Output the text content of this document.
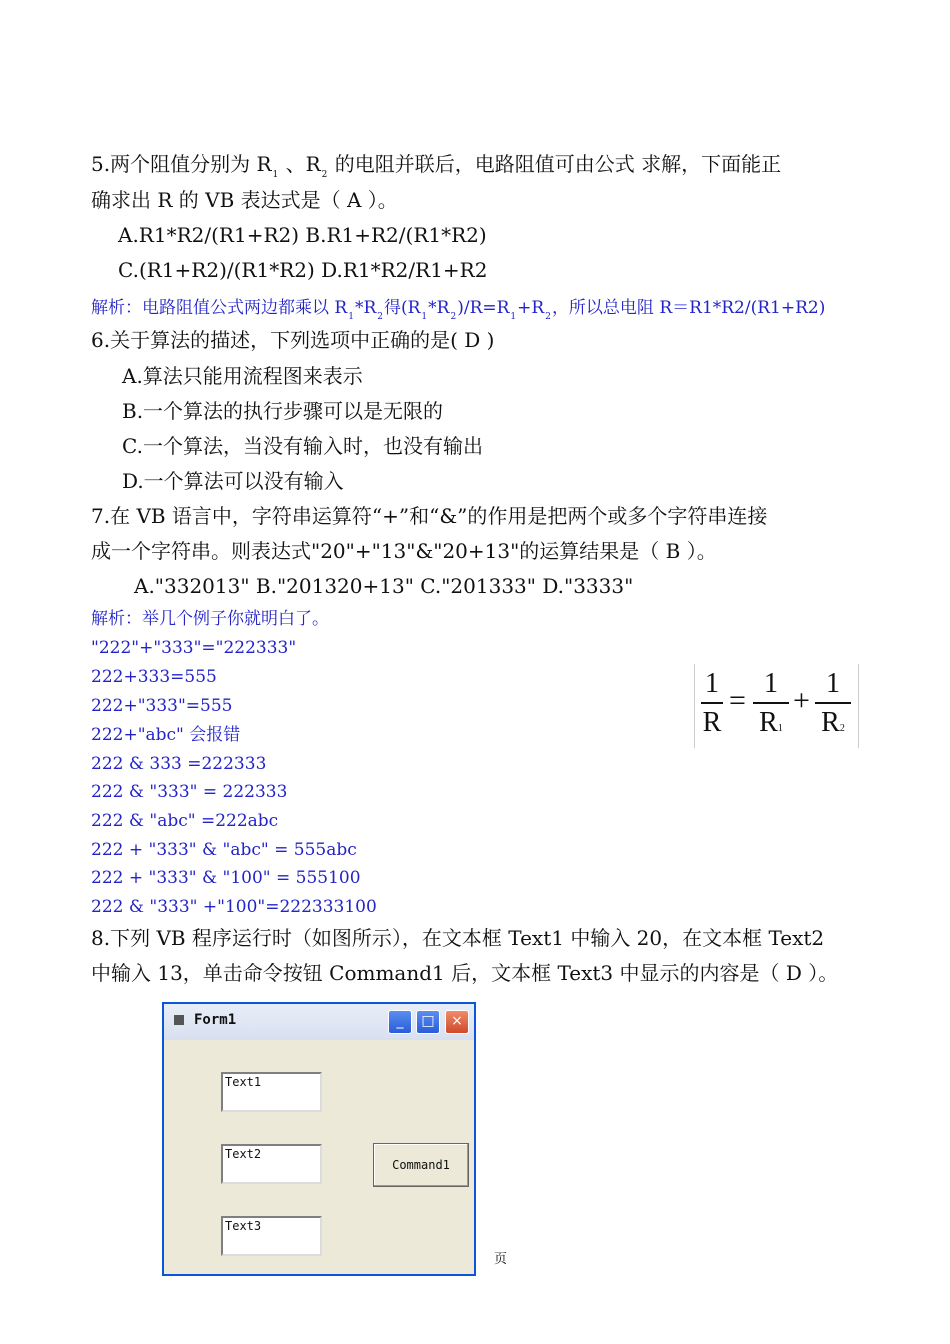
5.两个阻值分别为 $R_1$ 、$R_2$ 的电阻并联后，电路阻值可由公式 求解，下面能正
确求出 R 的 VB 表达式是（ A ）。
A.R1*R2/(R1+R2) B.R1+R2/(R1*R2)
C.(R1+R2)/(R1*R2) D.R1*R2/R1+R2
解析：电路阻值公式两边都乘以 $R_1*R_2$得$(R_1*R_2)/R=R_1+R_2$，所以总电阻 R＝R1*R2/(R1+R2)
6.关于算法的描述，下列选项中正确的是( D )
A.算法只能用流程图来表示
B.一个算法的执行步骤可以是无限的
C.一个算法，当没有输入时，也没有输出
D.一个算法可以没有输入
7.在 VB 语言中，字符串运算符“+”和“&”的作用是把两个或多个字符串连接
成一个字符串。则表达式"20"+"13"&"20+13"的运算结果是（ B ）。
A."332013" B."201320+13" C."201333" D."3333"
解析：举几个例子你就明白了。
"222"+"333"="222333"
222+333=555
222+"333"=555
222+"abc" 会报错
222 & 333 =222333
222 & "333" = 222333
222 & "abc" =222abc
222 + "333" & "abc" = 555abc
222 + "333" & "100" = 555100
222 & "333" +"100"=222333100
8.下列 VB 程序运行时（如图所示），在文本框 Text1 中输入 20，在文本框 Text2
中输入 13，单击命令按钮 Command1 后，文本框 Text3 中显示的内容是（ D ）。
1
R
=
1
R1
+
1
R2
Form1	_	□	×
Text1
Text2
Text3
Command1
页
